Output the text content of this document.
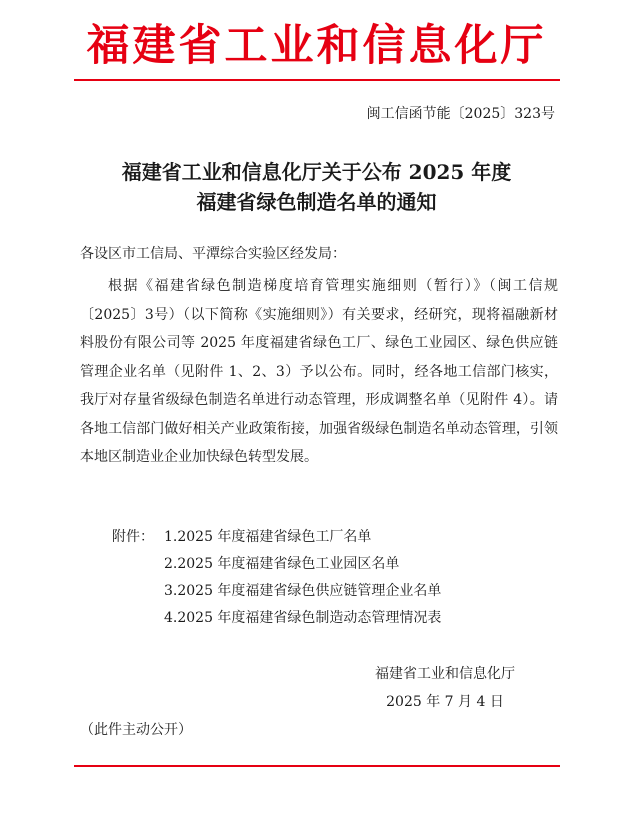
福建省工业和信息化厅
闽工信函节能〔2025〕323号
福建省工业和信息化厅关于公布 2025 年度
福建省绿色制造名单的通知
各设区市工信局、平潭综合实验区经发局：

根据《福建省绿色制造梯度培育管理实施细则（暂行）》（闽工信规〔2025〕3号）（以下简称《实施细则》）有关要求，经研究，现将福融新材料股份有限公司等 2025 年度福建省绿色工厂、绿色工业园区、绿色供应链管理企业名单（见附件 1、2、3）予以公布。同时，经各地工信部门核实，我厅对存量省级绿色制造名单进行动态管理，形成调整名单（见附件 4）。请各地工信部门做好相关产业政策衔接，加强省级绿色制造名单动态管理，引领本地区制造业企业加快绿色转型发展。

附件： 1.2025 年度福建省绿色工厂名单
2.2025 年度福建省绿色工业园区名单
3.2025 年度福建省绿色供应链管理企业名单
4.2025 年度福建省绿色制造动态管理情况表
福建省工业和信息化厅
2025 年 7 月 4 日
（此件主动公开）
